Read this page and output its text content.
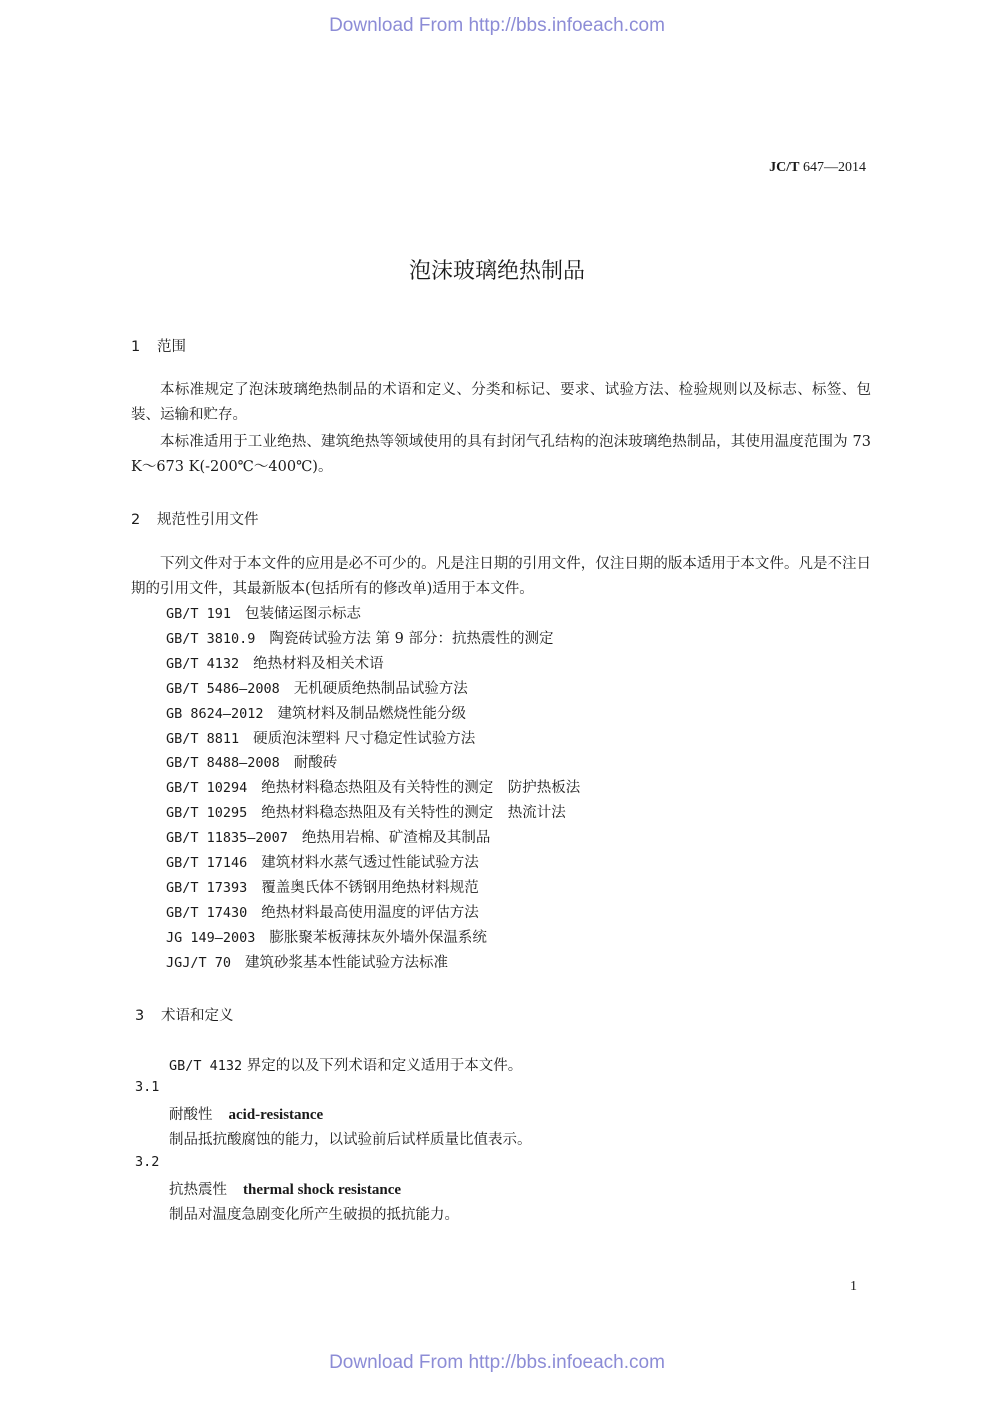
Download From http://bbs.infoeach.com
JC/T 647—2014
泡沫玻璃绝热制品
1 范围
本标准规定了泡沫玻璃绝热制品的术语和定义、分类和标记、要求、试验方法、检验规则以及标志、标签、包装、运输和贮存。
本标准适用于工业绝热、建筑绝热等领域使用的具有封闭气孔结构的泡沫玻璃绝热制品，其使用温度范围为 73 K～673 K(-200℃～400℃)。
2 规范性引用文件
下列文件对于本文件的应用是必不可少的。凡是注日期的引用文件，仅注日期的版本适用于本文件。凡是不注日期的引用文件，其最新版本(包括所有的修改单)适用于本文件。
GB/T 191 包装储运图示标志
GB/T 3810.9 陶瓷砖试验方法 第 9 部分：抗热震性的测定
GB/T 4132 绝热材料及相关术语
GB/T 5486—2008 无机硬质绝热制品试验方法
GB 8624—2012 建筑材料及制品燃烧性能分级
GB/T 8811 硬质泡沫塑料 尺寸稳定性试验方法
GB/T 8488—2008 耐酸砖
GB/T 10294 绝热材料稳态热阻及有关特性的测定　防护热板法
GB/T 10295 绝热材料稳态热阻及有关特性的测定　热流计法
GB/T 11835—2007 绝热用岩棉、矿渣棉及其制品
GB/T 17146 建筑材料水蒸气透过性能试验方法
GB/T 17393 覆盖奥氏体不锈钢用绝热材料规范
GB/T 17430 绝热材料最高使用温度的评估方法
JG 149—2003 膨胀聚苯板薄抹灰外墙外保温系统
JGJ/T 70 建筑砂浆基本性能试验方法标准
3 术语和定义
GB/T 4132 界定的以及下列术语和定义适用于本文件。
3.1
耐酸性 acid-resistance
制品抵抗酸腐蚀的能力，以试验前后试样质量比值表示。
3.2
抗热震性 thermal shock resistance
制品对温度急剧变化所产生破损的抵抗能力。
1
Download From http://bbs.infoeach.com
